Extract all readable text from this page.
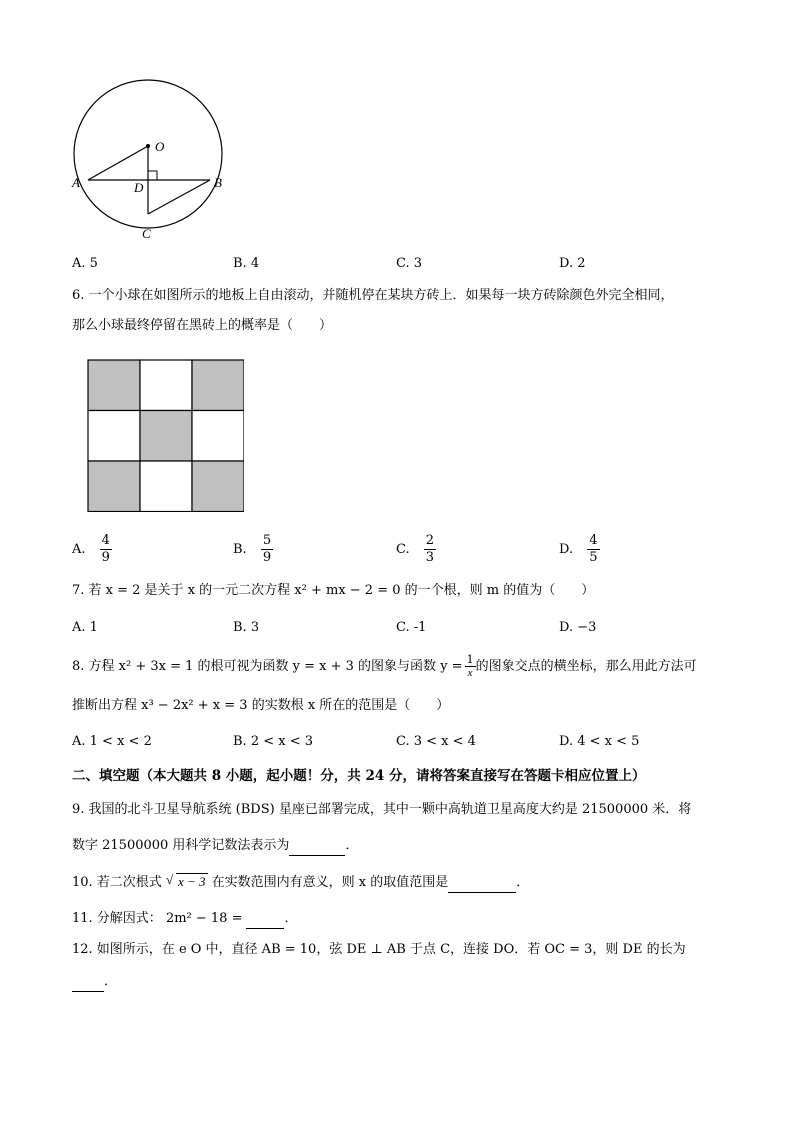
O
A	B
D
C
A. 5	B. 4	C. 3	D. 2
6. 一个小球在如图所示的地板上自由滚动，并随机停在某块方砖上．如果每一块方砖除颜色外完全相同，
那么小球最终停留在黑砖上的概率是（　　）
A. $\frac{4}{9}$	B. $\frac{5}{9}$	C. $\frac{2}{3}$	D. $\frac{4}{5}$
7. 若 x = 2 是关于 x 的一元二次方程 x² + mx − 2 = 0 的一个根，则 m 的值为（　　）
A. 1	B. 3	C. -1	D. −3
8. 方程 x² + 3x = 1 的根可视为函数 y = x + 3 的图象与函数 $y = \frac{1}{x}$ 的图象交点的横坐标，那么用此方法可
推断出方程 x³ − 2x² + x = 3 的实数根 x 所在的范围是（　　）
A. 1 < x < 2	B. 2 < x < 3	C. 3 < x < 4	D. 4 < x < 5
二、填空题（本大题共 8 小题，起小题！分，共 24 分，请将答案直接写在答题卡相应位置上）
9. 我国的北斗卫星导航系统 (BDS) 星座已部署完成，其中一颗中高轨道卫星高度大约是 21500000 米．将
数字 21500000 用科学记数法表示为	．
10. 若二次根式 √ x − 3 在实数范围内有意义，则 x 的取值范围是	．
11. 分解因式： 2m² − 18 =	．
12. 如图所示，在 e O 中，直径 AB = 10，弦 DE ⊥ AB 于点 C，连接 DO．若 OC = 3，则 DE 的长为
．
